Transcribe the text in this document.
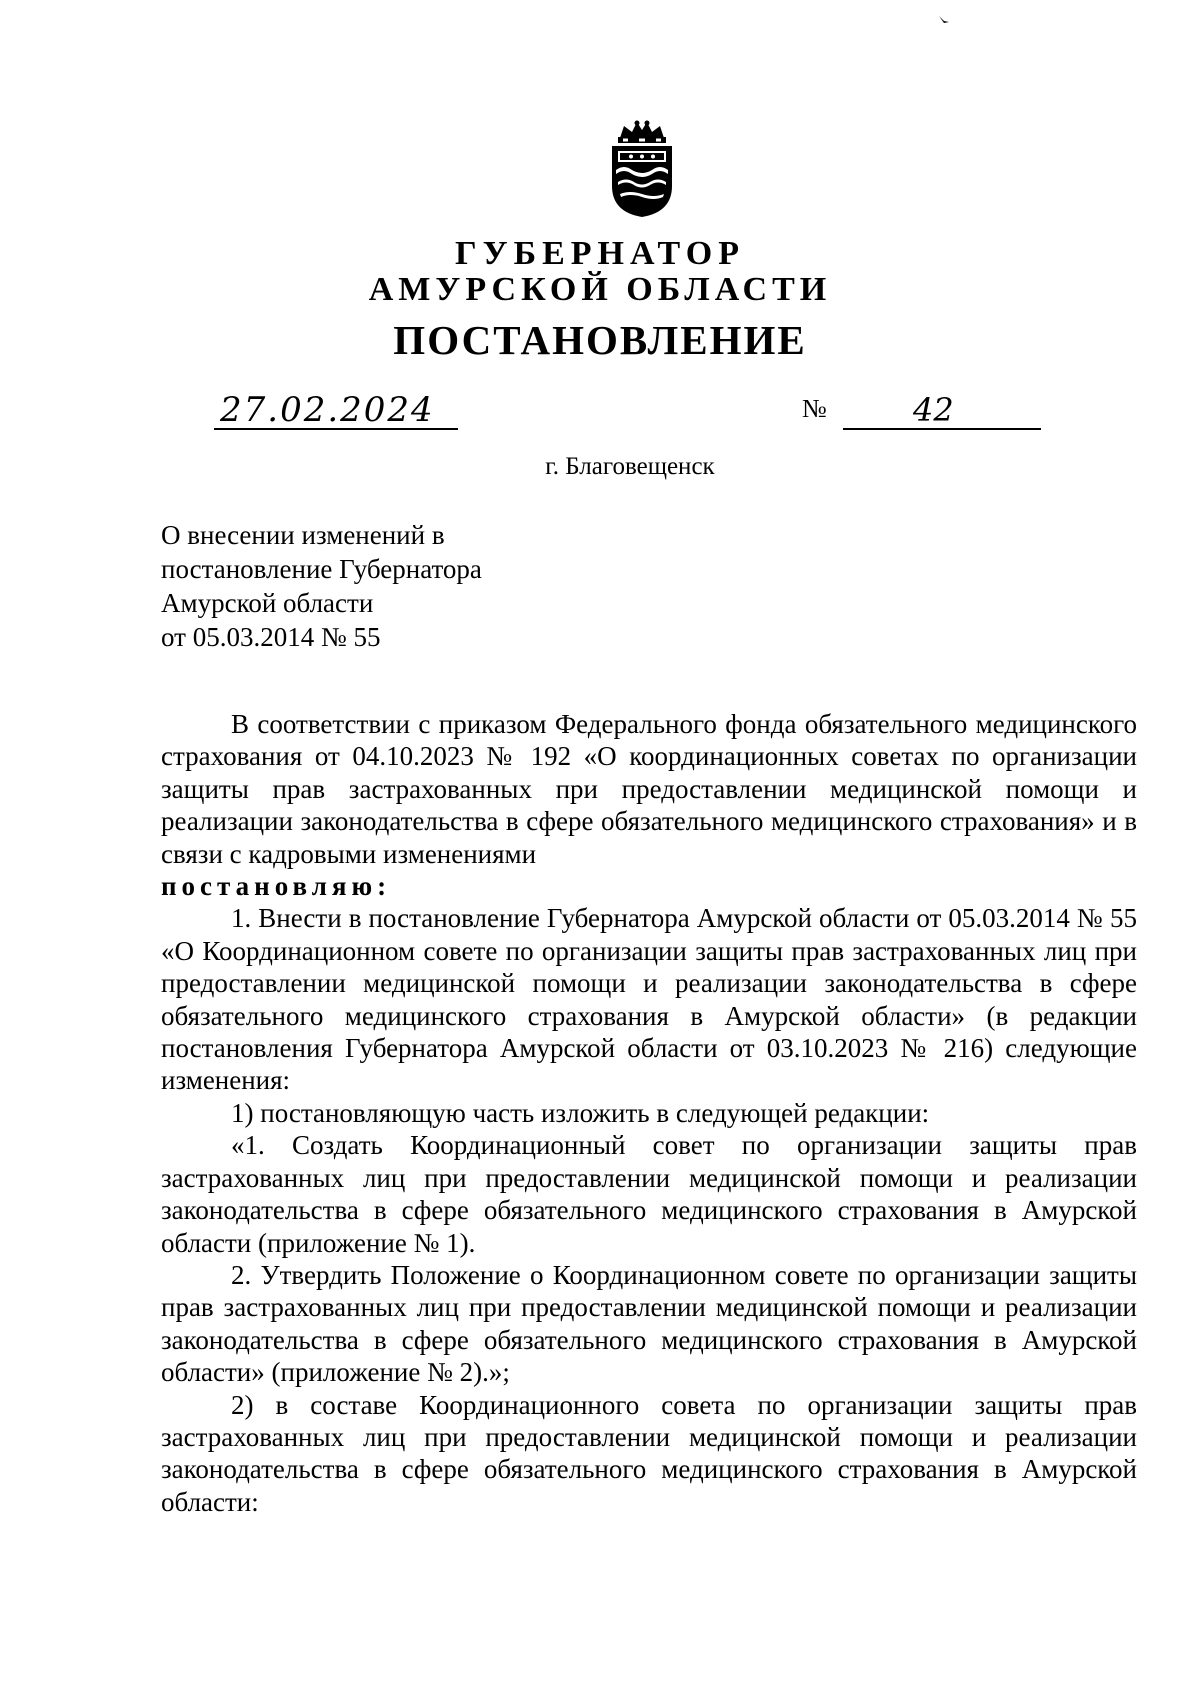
ГУБЕРНАТОР
АМУРСКОЙ ОБЛАСТИ
ПОСТАНОВЛЕНИЕ
27.02.2024	№	42
г. Благовещенск
О внесении изменений в
постановление Губернатора
Амурской области
от 05.03.2014 № 55

В соответствии с приказом Федерального фонда обязательного медицинского страхования от 04.10.2023 № 192 «О координационных советах по организации защиты прав застрахованных при предоставлении медицинской помощи и реализации законодательства в сфере обязательного медицинского страхования» и в связи с кадровыми изменениями

постановляю:

1. Внести в постановление Губернатора Амурской области от 05.03.2014 № 55 «О Координационном совете по организации защиты прав застрахованных лиц при предоставлении медицинской помощи и реализации законодательства в сфере обязательного медицинского страхования в Амурской области» (в редакции постановления Губернатора Амурской области от 03.10.2023 № 216) следующие изменения:

1) постановляющую часть изложить в следующей редакции:

«1. Создать Координационный совет по организации защиты прав застрахованных лиц при предоставлении медицинской помощи и реализации законодательства в сфере обязательного медицинского страхования в Амурской области (приложение № 1).

2. Утвердить Положение о Координационном совете по организации защиты прав застрахованных лиц при предоставлении медицинской помощи и реализации законодательства в сфере обязательного медицинского страхования в Амурской области» (приложение № 2).»;

2) в составе Координационного совета по организации защиты прав застрахованных лиц при предоставлении медицинской помощи и реализации законодательства в сфере обязательного медицинского страхования в Амурской области:
